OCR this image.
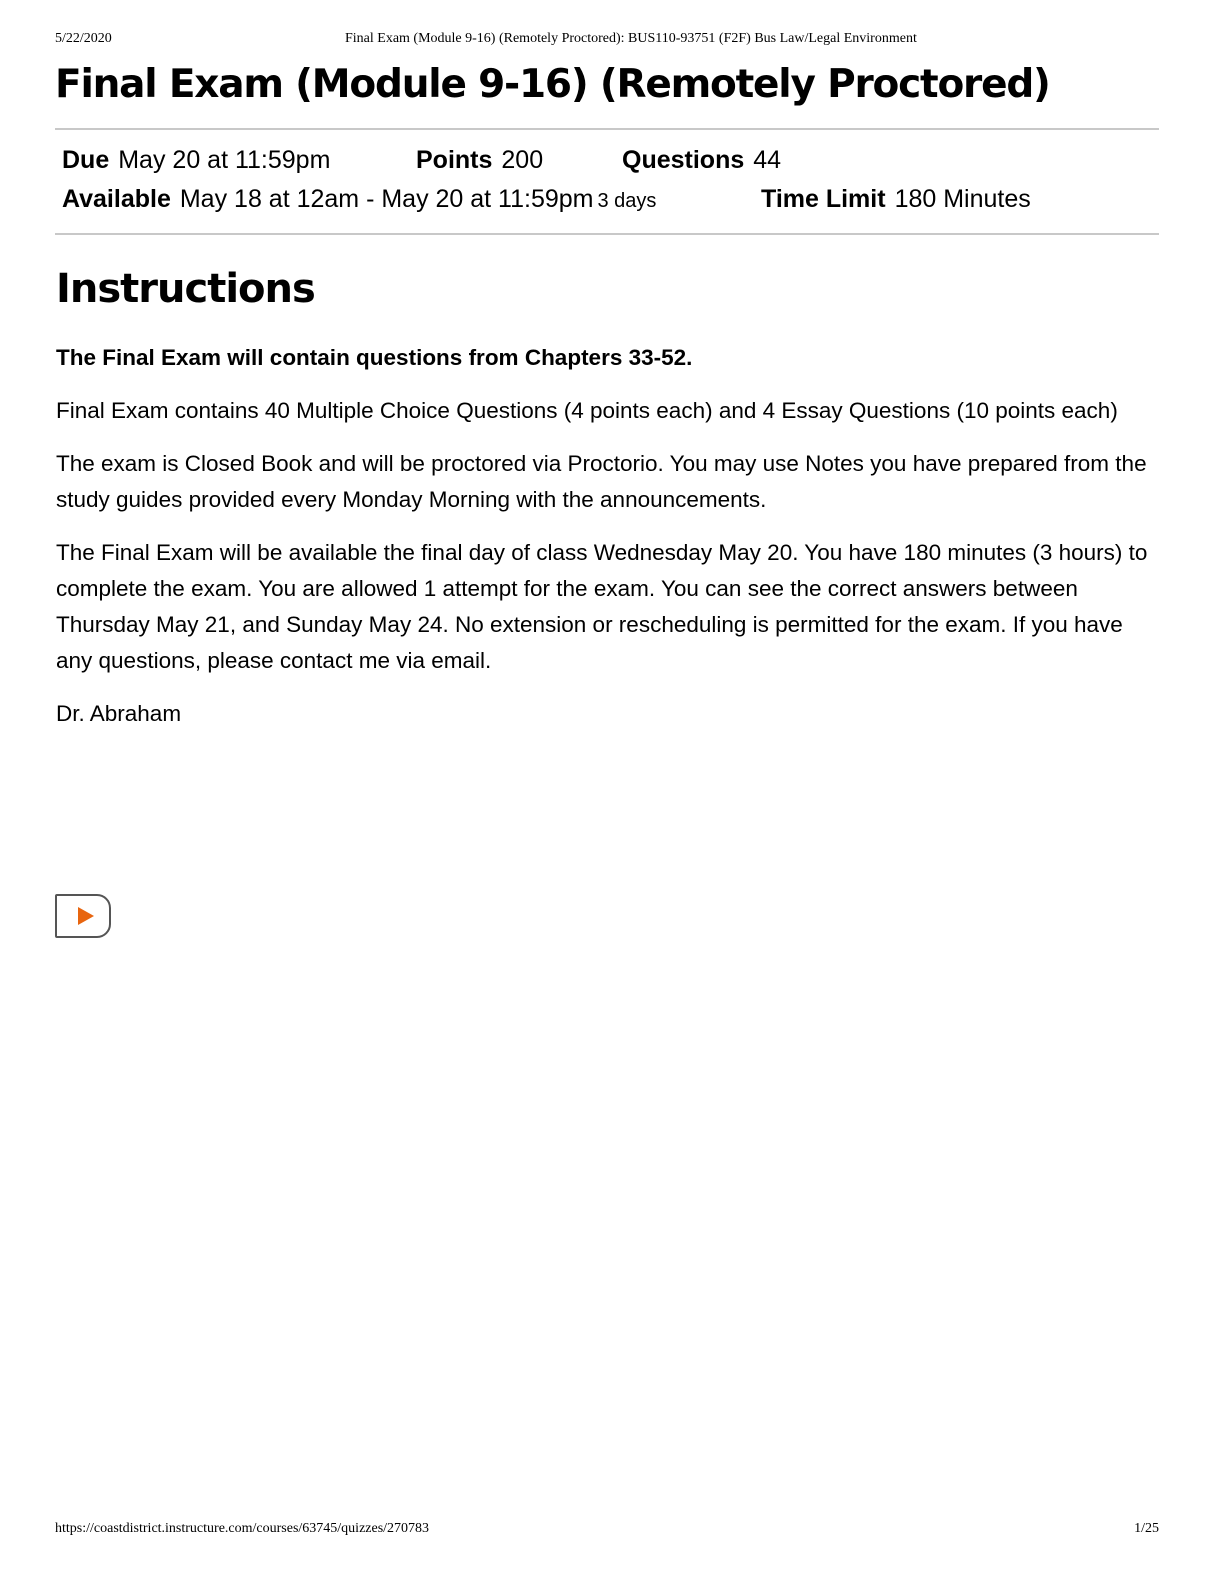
5/22/2020	Final Exam (Module 9-16) (Remotely Proctored): BUS110-93751 (F2F) Bus Law/Legal Environment
Final Exam (Module 9-16) (Remotely Proctored)
Due May 20 at 11:59pm	Points 200	Questions 44
Available May 18 at 12am - May 20 at 11:59pm 3 days	Time Limit 180 Minutes
Instructions

The Final Exam will contain questions from Chapters 33-52.

Final Exam contains 40 Multiple Choice Questions (4 points each) and 4 Essay Questions (10 points each)

The exam is Closed Book and will be proctored via Proctorio. You may use Notes you have prepared from the study guides provided every Monday Morning with the announcements.

The Final Exam will be available the final day of class Wednesday May 20. You have 180 minutes (3 hours) to complete the exam. You are allowed 1 attempt for the exam. You can see the correct answers between Thursday May 21, and Sunday May 24. No extension or rescheduling is permitted for the exam. If you have any questions, please contact me via email.

Dr. Abraham

https://coastdistrict.instructure.com/courses/63745/quizzes/270783	1/25
